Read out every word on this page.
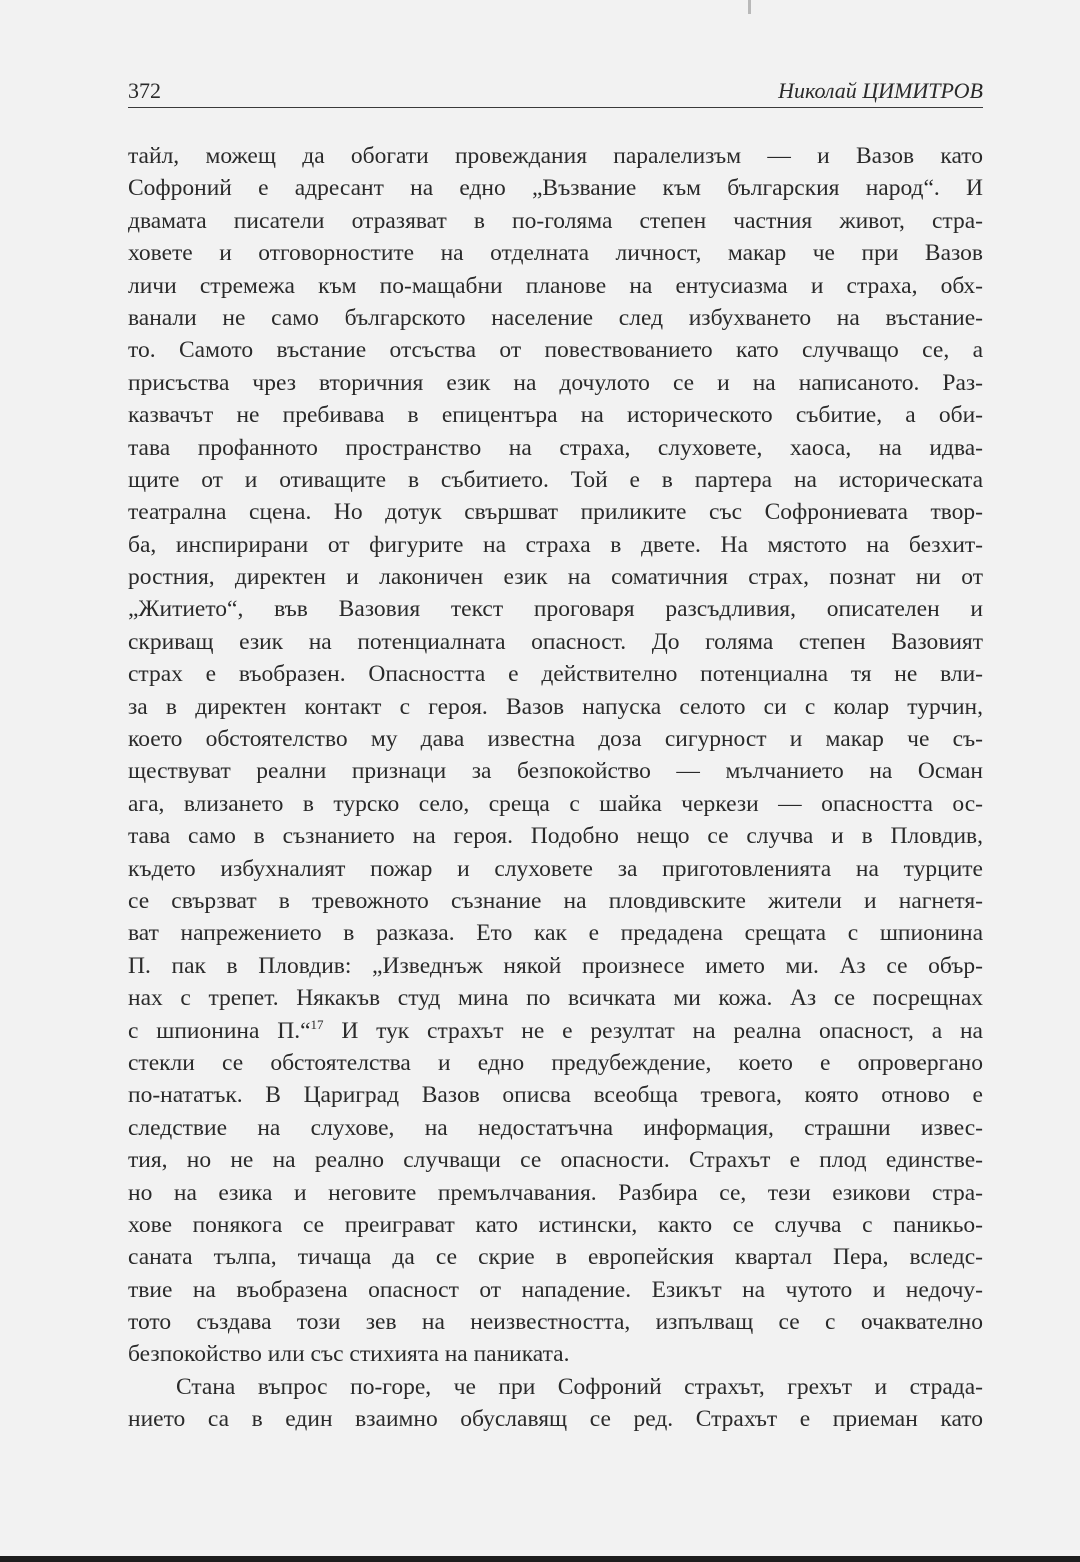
372	Николай ЦИМИТРОВ
тайл, можещ да обогати провеждания паралелизъм — и Вазов като
Софроний е адресант на едно „Възвание към българския народ“. И
двамата писатели отразяват в по-голяма степен частния живот, стра-
ховете и отговорностите на отделната личност, макар че при Вазов
личи стремежа към по-мащабни планове на ентусиазма и страха, обх-
ванали не само българското население след избухването на въстание-
то. Самото въстание отсъства от повествованието като случващо се, а
присъства чрез вторичния език на дочулото се и на написаното. Раз-
казвачът не пребивава в епицентъра на историческото събитие, а оби-
тава профанното пространство на страха, слуховете, хаоса, на идва-
щите от и отиващите в събитието. Той е в партера на историческата
театрална сцена. Но дотук свършват приликите със Софрониевата твор-
ба, инспирирани от фигурите на страха в двете. На мястото на безхит-
ростния, директен и лаконичен език на соматичния страх, познат ни от
„Житието“, във Вазовия текст проговаря разсъдливия, описателен и
скриващ език на потенциалната опасност. До голяма степен Вазовият
страх е въобразен. Опасността е действително потенциална тя не вли-
за в директен контакт с героя. Вазов напуска селото си с колар турчин,
което обстоятелство му дава известна доза сигурност и макар че съ-
ществуват реални признаци за безпокойство — мълчанието на Осман
ага, влизането в турско село, среща с шайка черкези — опасността ос-
тава само в съзнанието на героя. Подобно нещо се случва и в Пловдив,
където избухналият пожар и слуховете за приготовленията на турците
се свързват в тревожното съзнание на пловдивските жители и нагнетя-
ват напрежението в разказа. Ето как е предадена срещата с шпионина
П. пак в Пловдив: „Изведнъж някой произнесе името ми. Аз се обър-
нах с трепет. Някакъв студ мина по всичката ми кожа. Аз се посрещнах
с шпионина П.“$^{17}$ И тук страхът не е резултат на реална опасност, а на
стекли се обстоятелства и едно предубеждение, което е опровергано
по-нататък. В Цариград Вазов описва всеобща тревога, която отново е
следствие на слухове, на недостатъчна информация, страшни извес-
тия, но не на реално случващи се опасности. Страхът е плод единстве-
но на езика и неговите премълчавания. Разбира се, тези езикови стра-
хове понякога се преиграват като истински, както се случва с паникьо-
саната тълпа, тичаща да се скрие в европейския квартал Пера, вследс-
твие на въобразена опасност от нападение. Езикът на чутото и недочу-
тото създава този зев на неизвестността, изпълващ се с очаквателно
безпокойство или със стихията на паниката.
Стана въпрос по-горе, че при Софроний страхът, грехът и страда-
нието са в един взаимно обуславящ се ред. Страхът е приеман като
